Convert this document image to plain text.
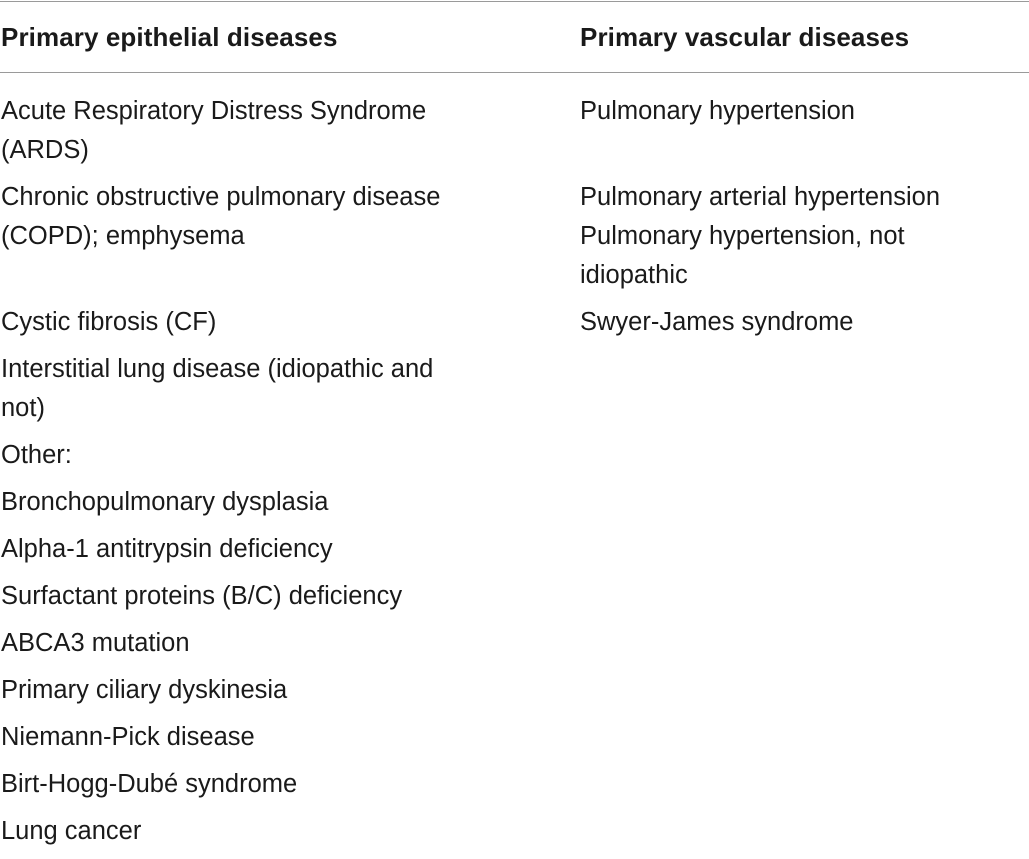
Primary epithelial diseases	Primary vascular diseases
Acute Respiratory Distress Syndrome
(ARDS)
Pulmonary hypertension
Chronic obstructive pulmonary disease
(COPD); emphysema
Pulmonary arterial hypertension
Pulmonary hypertension, not
idiopathic
Cystic fibrosis (CF)	Swyer-James syndrome
Interstitial lung disease (idiopathic and
not)
Other:
Bronchopulmonary dysplasia
Alpha-1 antitrypsin deficiency
Surfactant proteins (B/C) deficiency
ABCA3 mutation
Primary ciliary dyskinesia
Niemann-Pick disease
Birt-Hogg-Dubé syndrome
Lung cancer
